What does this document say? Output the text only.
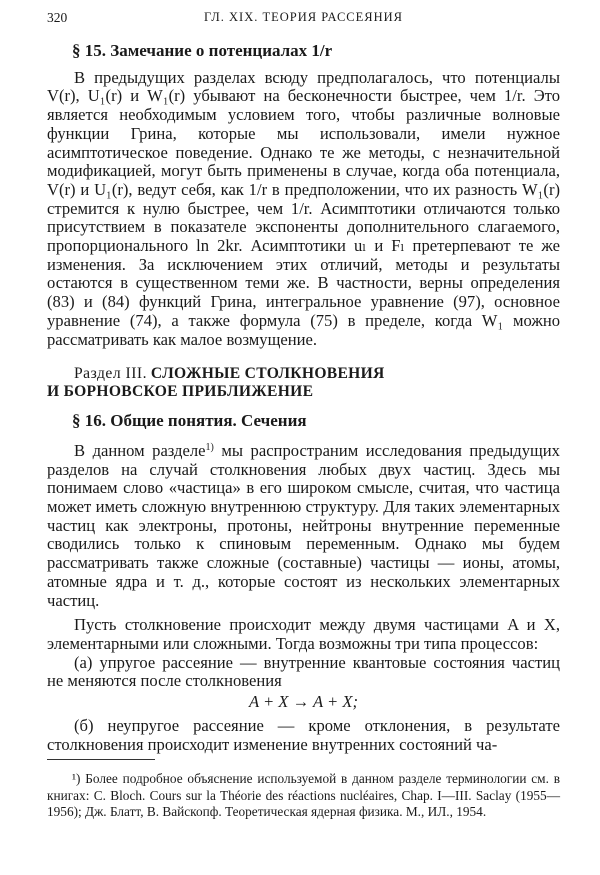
320	ГЛ. XIX. ТЕОРИЯ РАССЕЯНИЯ
§ 15. Замечание о потенциалах 1/r

В предыдущих разделах всюду предполагалось, что потенциалы V(r), U₁(r) и W₁(r) убывают на бесконечности быстрее, чем 1/r. Это является необходимым условием того, чтобы различные волновые функции Грина, которые мы использовали, имели нужное асимптотическое поведение. Однако те же методы, с незначительной модификацией, могут быть применены в случае, когда оба потенциала, V(r) и U₁(r), ведут себя, как 1/r в предположении, что их разность W₁(r) стремится к нулю быстрее, чем 1/r. Асимптотики отличаются только присутствием в показателе экспоненты дополнительного слагаемого, пропорционального ln 2kr. Асимптотики uₗ и Fₗ претерпевают те же изменения. За исключением этих отличий, методы и результаты остаются в существенном теми же. В частности, верны определения (83) и (84) функций Грина, интегральное уравнение (97), основное уравнение (74), а также формула (75) в пределе, когда W₁ можно рассматривать как малое возмущение.

Раздел III. СЛОЖНЫЕ СТОЛКНОВЕНИЯ
И БОРНОВСКОЕ ПРИБЛИЖЕНИЕ
§ 16. Общие понятия. Сечения

В данном разделе$^{1)}$ мы распространим исследования предыдущих разделов на случай столкновения любых двух частиц. Здесь мы понимаем слово «частица» в его широком смысле, считая, что частица может иметь сложную внутреннюю структуру. Для таких элементарных частиц как электроны, протоны, нейтроны внутренние переменные сводились только к спиновым переменным. Однако мы будем рассматривать также сложные (составные) частицы — ионы, атомы, атомные ядра и т. д., которые состоят из нескольких элементарных частиц.

Пусть столкновение происходит между двумя частицами A и X, элементарными или сложными. Тогда возможны три типа процессов:

(а) упругое рассеяние — внутренние квантовые состояния частиц не меняются после столкновения

A + X → A + X;

(б) неупругое рассеяние — кроме отклонения, в результате столкновения происходит изменение внутренних состояний ча-

¹) Более подробное объяснение используемой в данном разделе терминологии см. в книгах: C. Bloch. Cours sur la Théorie des réactions nucléaires, Chap. I—III. Saclay (1955—1956); Дж. Блатт, В. Вайскопф. Теоретическая ядерная физика. М., ИЛ., 1954.
